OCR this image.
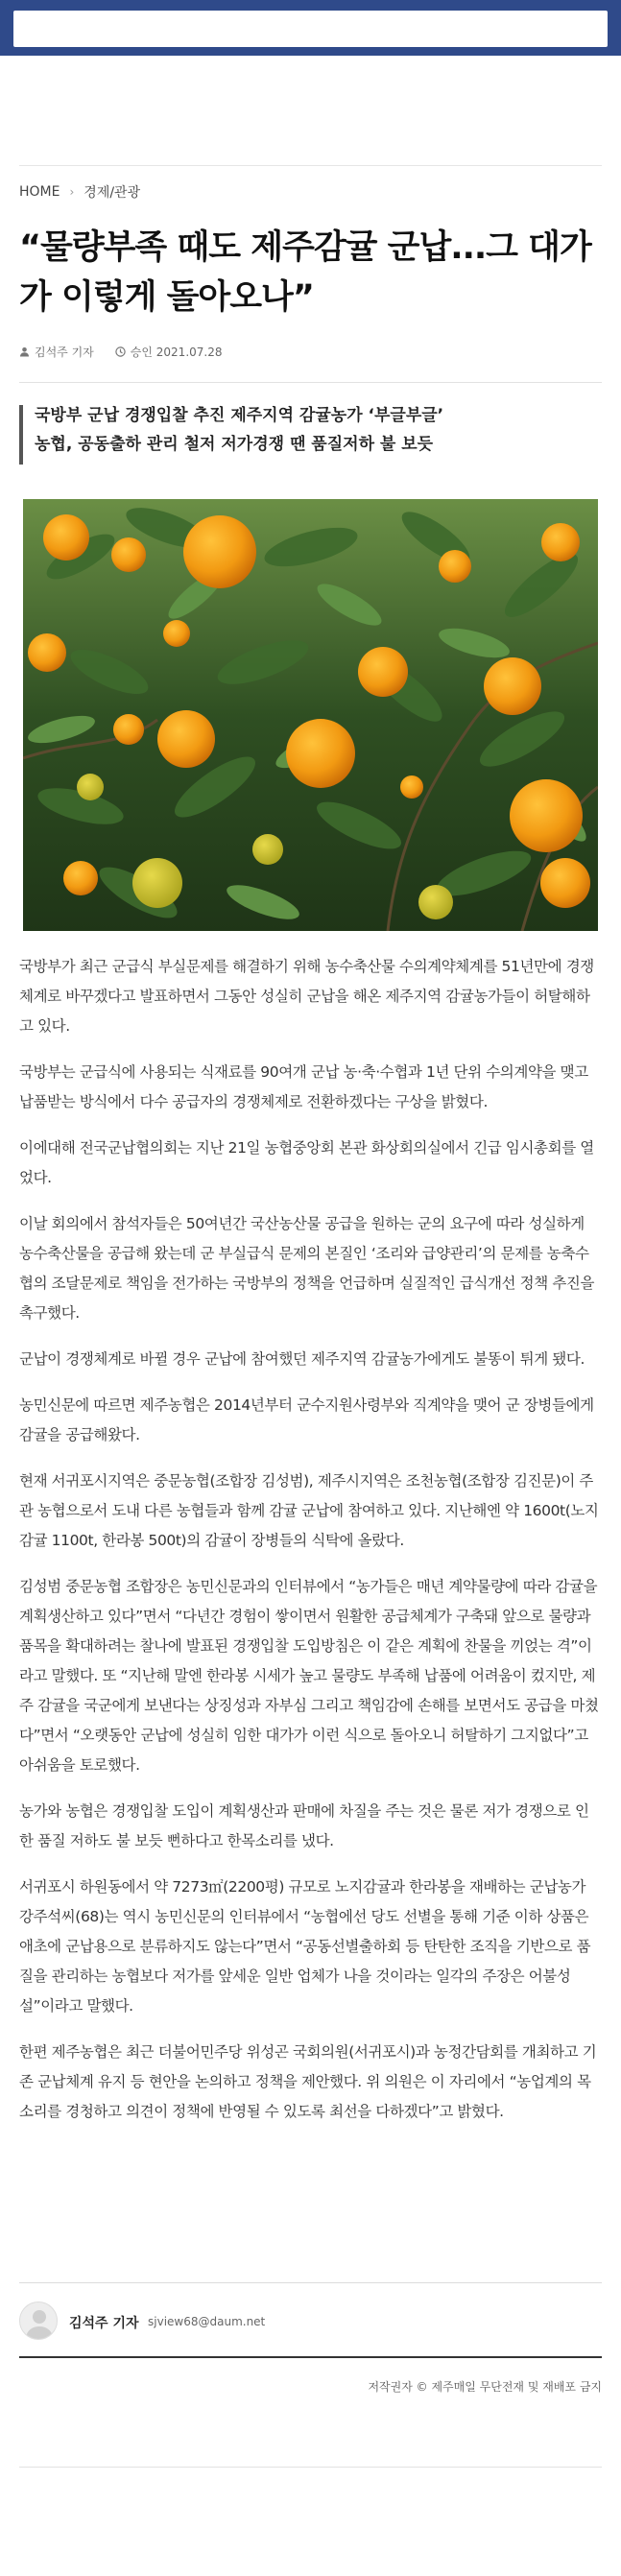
HOME › 경제/관광
“물량부족 때도 제주감귤 군납...그 대가가 이렇게 돌아오나”
김석주 기자	승인 2021.07.28
국방부 군납 경쟁입찰 추진 제주지역 감귤농가 ‘부글부글’
농협, 공동출하 관리 철저 저가경쟁 땐 품질저하 불 보듯

국방부가 최근 군급식 부실문제를 해결하기 위해 농수축산물 수의계약체계를 51년만에 경쟁체계로 바꾸겠다고 발표하면서 그동안 성실히 군납을 해온 제주지역 감귤농가들이 허탈해하고 있다.

국방부는 군급식에 사용되는 식재료를 90여개 군납 농·축·수협과 1년 단위 수의계약을 맺고 납품받는 방식에서 다수 공급자의 경쟁체제로 전환하겠다는 구상을 밝혔다.

이에대해 전국군납협의회는 지난 21일 농협중앙회 본관 화상회의실에서 긴급 임시총회를 열었다.

이날 회의에서 참석자들은 50여년간 국산농산물 공급을 원하는 군의 요구에 따라 성실하게 농수축산물을 공급해 왔는데 군 부실급식 문제의 본질인 ‘조리와 급양관리’의 문제를 농축수협의 조달문제로 책임을 전가하는 국방부의 정책을 언급하며 실질적인 급식개선 정책 추진을 촉구했다.

군납이 경쟁체계로 바뀔 경우 군납에 참여했던 제주지역 감귤농가에게도 불똥이 튀게 됐다.

농민신문에 따르면 제주농협은 2014년부터 군수지원사령부와 직계약을 맺어 군 장병들에게 감귤을 공급해왔다.

현재 서귀포시지역은 중문농협(조합장 김성범), 제주시지역은 조천농협(조합장 김진문)이 주관 농협으로서 도내 다른 농협들과 함께 감귤 군납에 참여하고 있다. 지난해엔 약 1600t(노지감귤 1100t, 한라봉 500t)의 감귤이 장병들의 식탁에 올랐다.

김성범 중문농협 조합장은 농민신문과의 인터뷰에서 “농가들은 매년 계약물량에 따라 감귤을 계획생산하고 있다”면서 “다년간 경험이 쌓이면서 원활한 공급체계가 구축돼 앞으로 물량과 품목을 확대하려는 찰나에 발표된 경쟁입찰 도입방침은 이 같은 계획에 찬물을 끼얹는 격”이라고 말했다. 또 “지난해 말엔 한라봉 시세가 높고 물량도 부족해 납품에 어려움이 컸지만, 제주 감귤을 국군에게 보낸다는 상징성과 자부심 그리고 책임감에 손해를 보면서도 공급을 마쳤다”면서 “오랫동안 군납에 성실히 임한 대가가 이런 식으로 돌아오니 허탈하기 그지없다”고 아쉬움을 토로했다.

농가와 농협은 경쟁입찰 도입이 계획생산과 판매에 차질을 주는 것은 물론 저가 경쟁으로 인한 품질 저하도 불 보듯 뻔하다고 한목소리를 냈다.

서귀포시 하원동에서 약 7273㎡(2200평) 규모로 노지감귤과 한라봉을 재배하는 군납농가 강주석씨(68)는 역시 농민신문의 인터뷰에서 “농협에선 당도 선별을 통해 기준 이하 상품은 애초에 군납용으로 분류하지도 않는다”면서 “공동선별출하회 등 탄탄한 조직을 기반으로 품질을 관리하는 농협보다 저가를 앞세운 일반 업체가 나을 것이라는 일각의 주장은 어불성설”이라고 말했다.

한편 제주농협은 최근 더불어민주당 위성곤 국회의원(서귀포시)과 농정간담회를 개최하고 기존 군납체계 유지 등 현안을 논의하고 정책을 제안했다. 위 의원은 이 자리에서 “농업계의 목소리를 경청하고 의견이 정책에 반영될 수 있도록 최선을 다하겠다”고 밝혔다.

김석주 기자 sjview68@daum.net
저작권자 © 제주매일 무단전재 및 재배포 금지
